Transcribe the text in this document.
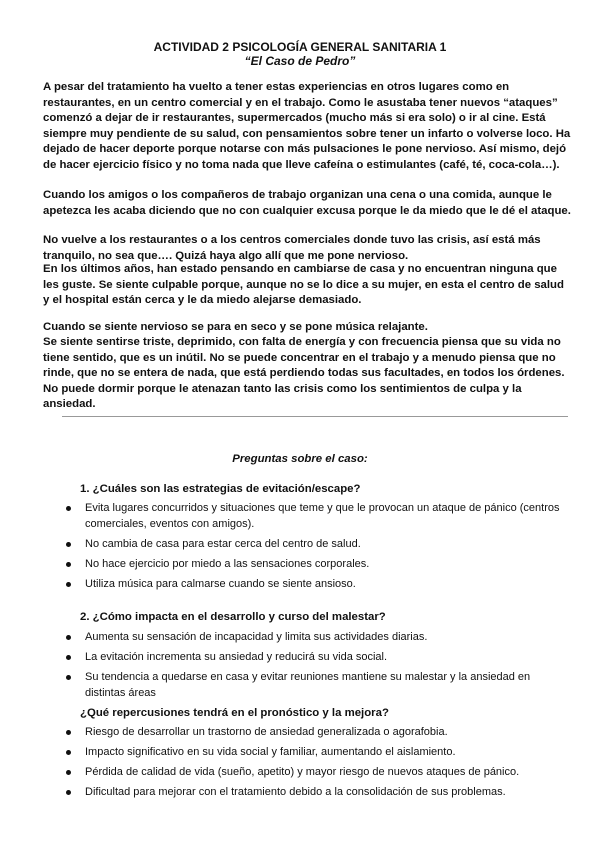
ACTIVIDAD 2 PSICOLOGÍA GENERAL SANITARIA 1
“El Caso de Pedro”

A pesar del tratamiento ha vuelto a tener estas experiencias en otros lugares como en restaurantes, en un centro comercial y en el trabajo. Como le asustaba tener nuevos “ataques” comenzó a dejar de ir restaurantes, supermercados (mucho más si era solo) o ir al cine. Está siempre muy pendiente de su salud, con pensamientos sobre tener un infarto o volverse loco. Ha dejado de hacer deporte porque notarse con más pulsaciones le pone nervioso. Así mismo, dejó de hacer ejercicio físico y no toma nada que lleve cafeína o estimulantes (café, té, coca-cola…).

Cuando los amigos o los compañeros de trabajo organizan una cena o una comida, aunque le apetezca les acaba diciendo que no con cualquier excusa porque le da miedo que le dé el ataque.

No vuelve a los restaurantes o a los centros comerciales donde tuvo las crisis, así está más tranquilo, no sea que…. Quizá haya algo allí que me pone nervioso.

En los últimos años, han estado pensando en cambiarse de casa y no encuentran ninguna que les guste. Se siente culpable porque, aunque no se lo dice a su mujer, en esta el centro de salud y el hospital están cerca y le da miedo alejarse demasiado.

Cuando se siente nervioso se para en seco y se pone música relajante.

Se siente sentirse triste, deprimido, con falta de energía y con frecuencia piensa que su vida no tiene sentido, que es un inútil. No se puede concentrar en el trabajo y a menudo piensa que no rinde, que no se entera de nada, que está perdiendo todas sus facultades, en todos los órdenes. No puede dormir porque le atenazan tanto las crisis como los sentimientos de culpa y la ansiedad.

Preguntas sobre el caso:

1. ¿Cuáles son las estrategias de evitación/escape?

Evita lugares concurridos y situaciones que teme y que le provocan un ataque de pánico (centros comerciales, eventos con amigos).
No cambia de casa para estar cerca del centro de salud.
No hace ejercicio por miedo a las sensaciones corporales.
Utiliza música para calmarse cuando se siente ansioso.

2. ¿Cómo impacta en el desarrollo y curso del malestar?

Aumenta su sensación de incapacidad y limita sus actividades diarias.
La evitación incrementa su ansiedad y reducirá su vida social.
Su tendencia a quedarse en casa y evitar reuniones mantiene su malestar y la ansiedad en distintas áreas

¿Qué repercusiones tendrá en el pronóstico y la mejora?

Riesgo de desarrollar un trastorno de ansiedad generalizada o agorafobia.
Impacto significativo en su vida social y familiar, aumentando el aislamiento.
Pérdida de calidad de vida (sueño, apetito) y mayor riesgo de nuevos ataques de pánico.
Dificultad para mejorar con el tratamiento debido a la consolidación de sus problemas.
